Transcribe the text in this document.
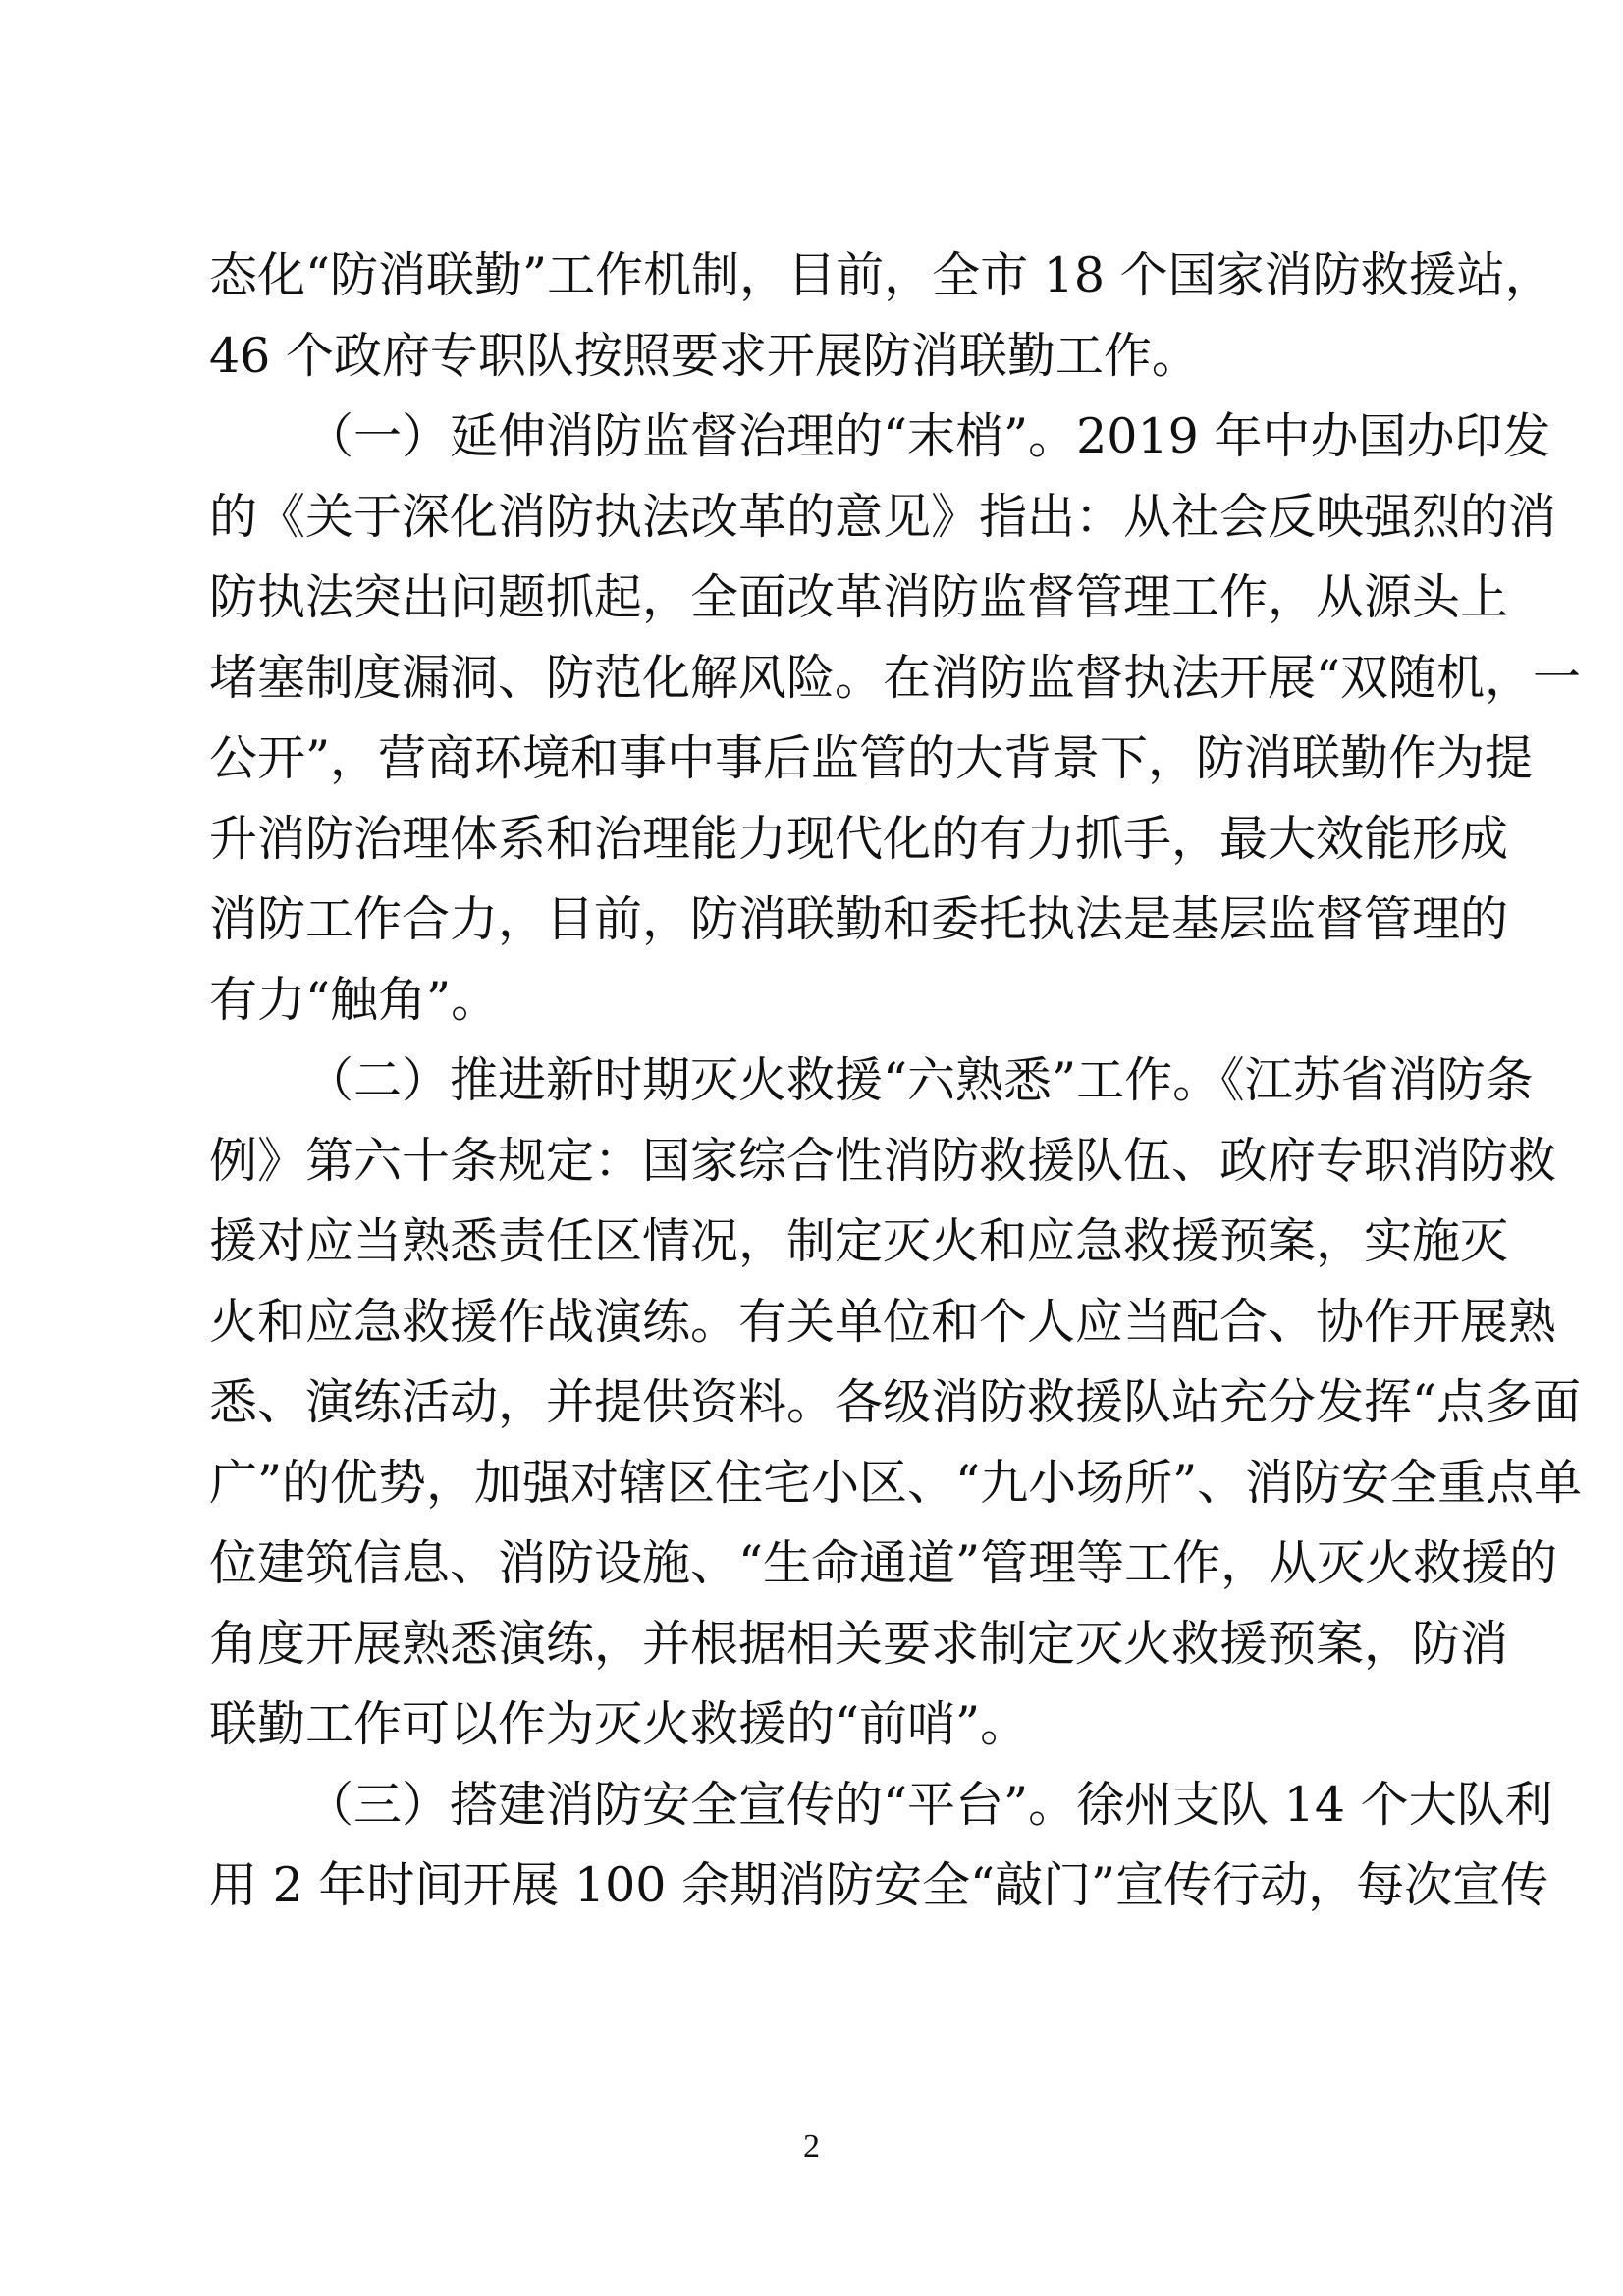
态化“防消联勤”工作机制，目前，全市 18 个国家消防救援站，
46 个政府专职队按照要求开展防消联勤工作。
（一）延伸消防监督治理的“末梢”。2019 年中办国办印发
的《关于深化消防执法改革的意见》指出：从社会反映强烈的消
防执法突出问题抓起，全面改革消防监督管理工作，从源头上
堵塞制度漏洞、防范化解风险。在消防监督执法开展“双随机，一
公开”，营商环境和事中事后监管的大背景下，防消联勤作为提
升消防治理体系和治理能力现代化的有力抓手，最大效能形成
消防工作合力，目前，防消联勤和委托执法是基层监督管理的
有力“触角”。
（二）推进新时期灭火救援“六熟悉”工作。《江苏省消防条
例》第六十条规定：国家综合性消防救援队伍、政府专职消防救
援对应当熟悉责任区情况，制定灭火和应急救援预案，实施灭
火和应急救援作战演练。有关单位和个人应当配合、协作开展熟
悉、演练活动，并提供资料。各级消防救援队站充分发挥“点多面
广”的优势，加强对辖区住宅小区、“九小场所”、消防安全重点单
位建筑信息、消防设施、“生命通道”管理等工作，从灭火救援的
角度开展熟悉演练，并根据相关要求制定灭火救援预案，防消
联勤工作可以作为灭火救援的“前哨”。
（三）搭建消防安全宣传的“平台”。徐州支队 14 个大队利
用 2 年时间开展 100 余期消防安全“敲门”宣传行动，每次宣传
2
